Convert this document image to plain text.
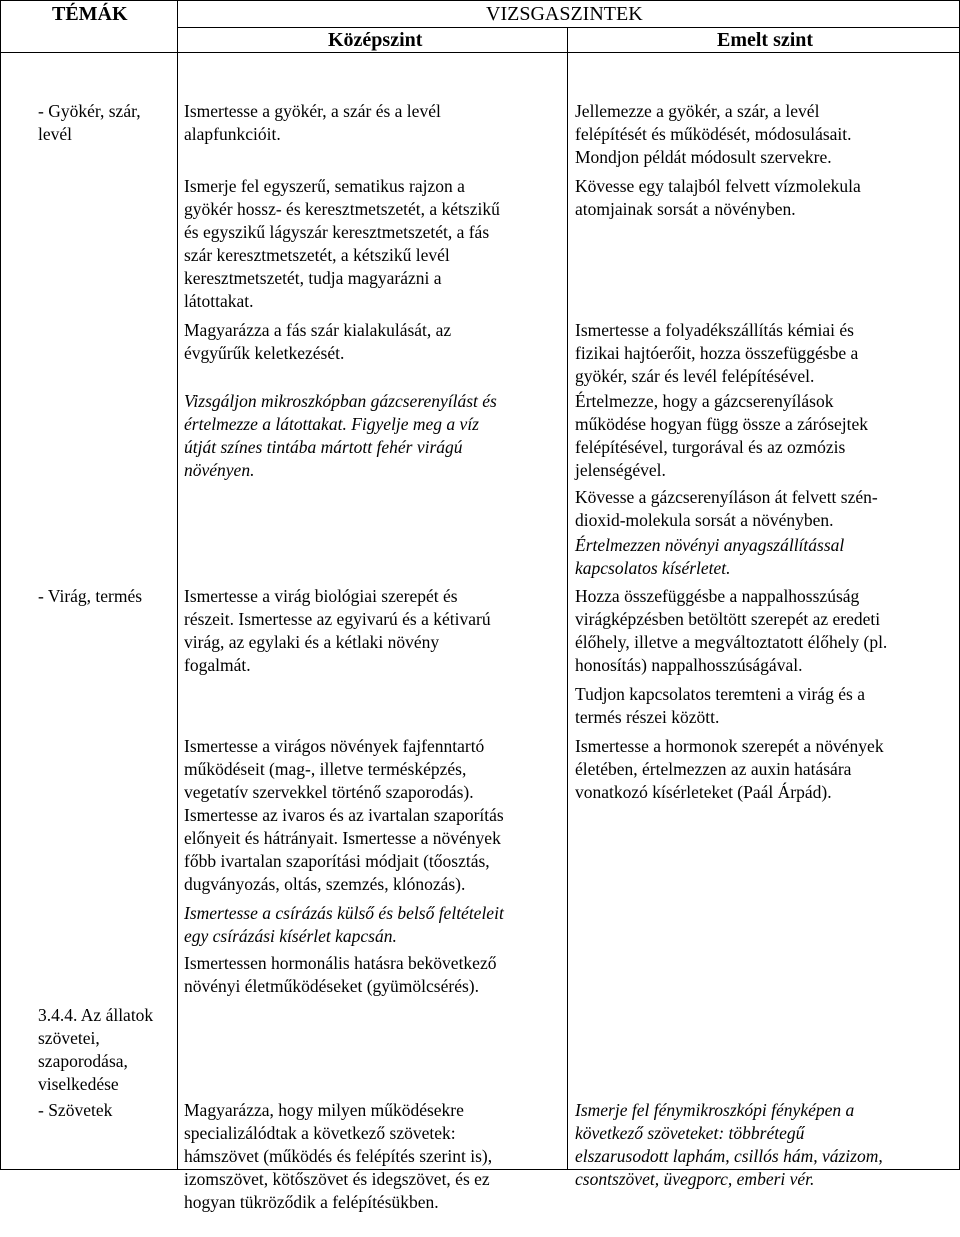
TÉMÁK	VIZSGASZINTEK
Középszint	Emelt szint

- Gyökér, szár,
levél

- Virág, termés

3.4.4. Az állatok
szövetei,
szaporodása,
viselkedése

- Szövetek

Ismertesse a gyökér, a szár és a levél
alapfunkcióit.

Ismerje fel egyszerű, sematikus rajzon a
gyökér hossz- és keresztmetszetét, a kétszikű
és egyszikű lágyszár keresztmetszetét, a fás
szár keresztmetszetét, a kétszikű levél
keresztmetszetét, tudja magyarázni a
látottakat.

Magyarázza a fás szár kialakulását, az
évgyűrűk keletkezését.

Vizsgáljon mikroszkópban gázcserenyílást és
értelmezze a látottakat. Figyelje meg a víz
útját színes tintába mártott fehér virágú
növényen.

Ismertesse a virág biológiai szerepét és
részeit. Ismertesse az egyivarú és a kétivarú
virág, az egylaki és a kétlaki növény
fogalmát.

Ismertesse a virágos növények fajfenntartó
működéseit (mag-, illetve termésképzés,
vegetatív szervekkel történő szaporodás).
Ismertesse az ivaros és az ivartalan szaporítás
előnyeit és hátrányait. Ismertesse a növények
főbb ivartalan szaporítási módjait (tőosztás,
dugványozás, oltás, szemzés, klónozás).

Ismertesse a csírázás külső és belső feltételeit
egy csírázási kísérlet kapcsán.

Ismertessen hormonális hatásra bekövetkező
növényi életműködéseket (gyümölcsérés).

Magyarázza, hogy milyen működésekre
specializálódtak a következő szövetek:
hámszövet (működés és felépítés szerint is),
izomszövet, kötőszövet és idegszövet, és ez
hogyan tükröződik a felépítésükben.

Jellemezze a gyökér, a szár, a levél
felépítését és működését, módosulásait.
Mondjon példát módosult szervekre.

Kövesse egy talajból felvett vízmolekula
atomjainak sorsát a növényben.

Ismertesse a folyadékszállítás kémiai és
fizikai hajtóerőit, hozza összefüggésbe a
gyökér, szár és levél felépítésével.

Értelmezze, hogy a gázcserenyílások
működése hogyan függ össze a zárósejtek
felépítésével, turgorával és az ozmózis
jelenségével.

Kövesse a gázcserenyíláson át felvett szén-
dioxid-molekula sorsát a növényben.

Értelmezzen növényi anyagszállítással
kapcsolatos kísérletet.

Hozza összefüggésbe a nappalhosszúság
virágképzésben betöltött szerepét az eredeti
élőhely, illetve a megváltoztatott élőhely (pl.
honosítás) nappalhosszúságával.

Tudjon kapcsolatos teremteni a virág és a
termés részei között.

Ismertesse a hormonok szerepét a növények
életében, értelmezzen az auxin hatására
vonatkozó kísérleteket (Paál Árpád).

Ismerje fel fénymikroszkópi fényképen a
következő szöveteket: többrétegű
elszarusodott laphám, csillós hám, vázizom,
csontszövet, üvegporc, emberi vér.
